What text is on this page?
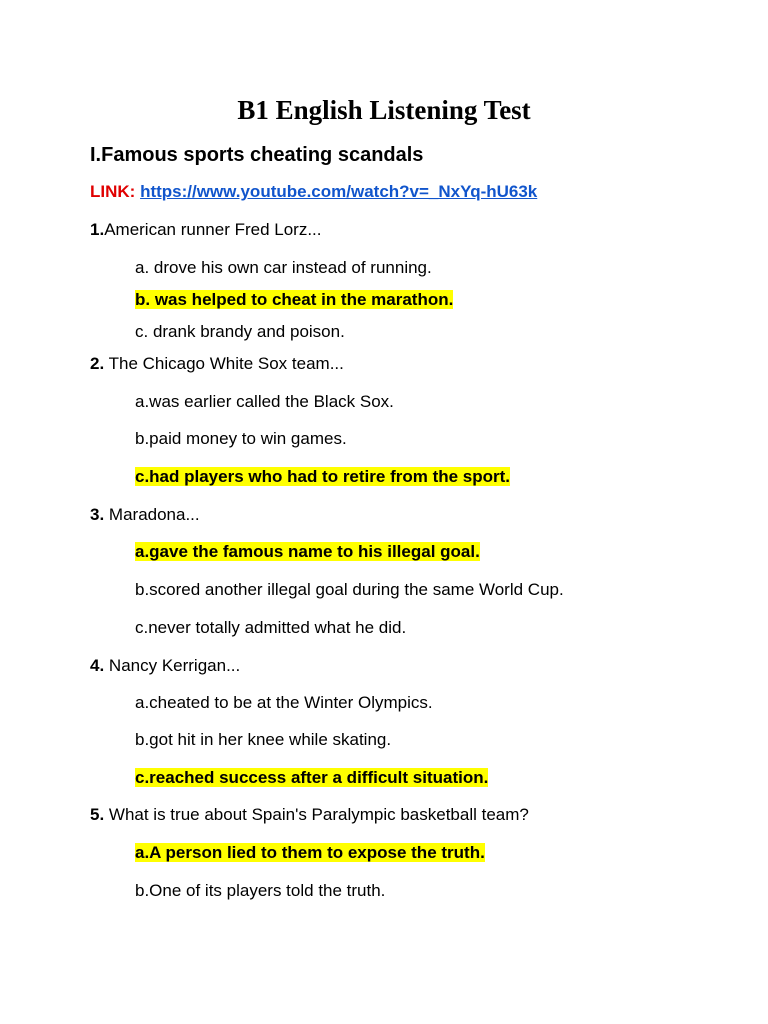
B1 English Listening Test
I.Famous sports cheating scandals
LINK: https://www.youtube.com/watch?v=_NxYq-hU63k
1.American runner Fred Lorz...
a. drove his own car instead of running.
b. was helped to cheat in the marathon.
c. drank brandy and poison.
2. The Chicago White Sox team...
a.was earlier called the Black Sox.
b.paid money to win games.
c.had players who had to retire from the sport.
3. Maradona...
a.gave the famous name to his illegal goal.
b.scored another illegal goal during the same World Cup.
c.never totally admitted what he did.
4. Nancy Kerrigan...
a.cheated to be at the Winter Olympics.
b.got hit in her knee while skating.
c.reached success after a difficult situation.
5. What is true about Spain's Paralympic basketball team?
a.A person lied to them to expose the truth.
b.One of its players told the truth.
